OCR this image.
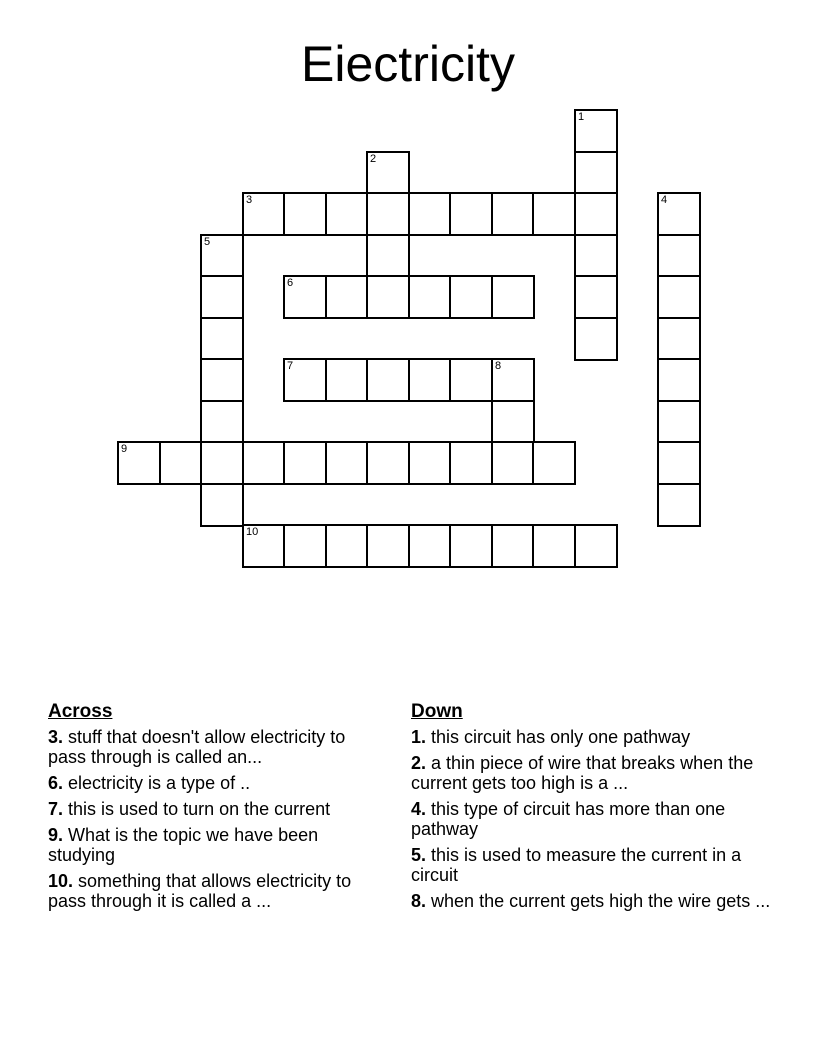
Eiectricity
1
2
3	4
5
6
7	8
9
10
Across
3. stuff that doesn't allow electricity to pass through is called an...
6. electricity is a type of ..
7. this is used to turn on the current
9. What is the topic we have been studying
10. something that allows electricity to pass through it is called a ...
Down
1. this circuit has only one pathway
2. a thin piece of wire that breaks when the current gets too high is a ...
4. this type of circuit has more than one pathway
5. this is used to measure the current in a circuit
8. when the current gets high the wire gets ...
